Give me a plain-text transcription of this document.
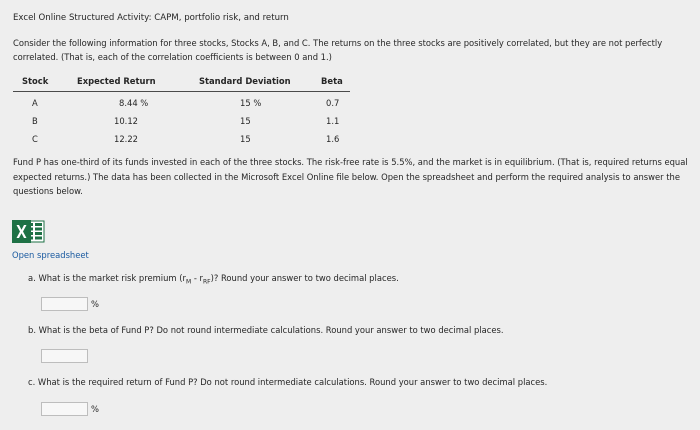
Excel Online Structured Activity: CAPM, portfolio risk, and return
Consider the following information for three stocks, Stocks A, B, and C. The returns on the three stocks are positively correlated, but they are not perfectly correlated. (That is, each of the correlation coefficients is between 0 and 1.)
Stock	Expected Return	Standard Deviation	Beta
A	8.44 %	15 %	0.7
B	10.12	15	1.1
C	12.22	15	1.6
Fund P has one-third of its funds invested in each of the three stocks. The risk-free rate is 5.5%, and the market is in equilibrium. (That is, required returns equal expected returns.) The data has been collected in the Microsoft Excel Online file below. Open the spreadsheet and perform the required analysis to answer the questions below.
Open spreadsheet
a. What is the market risk premium $(r_M - r_{RF})$? Round your answer to two decimal places.
%
b. What is the beta of Fund P? Do not round intermediate calculations. Round your answer to two decimal places.
c. What is the required return of Fund P? Do not round intermediate calculations. Round your answer to two decimal places.
%
